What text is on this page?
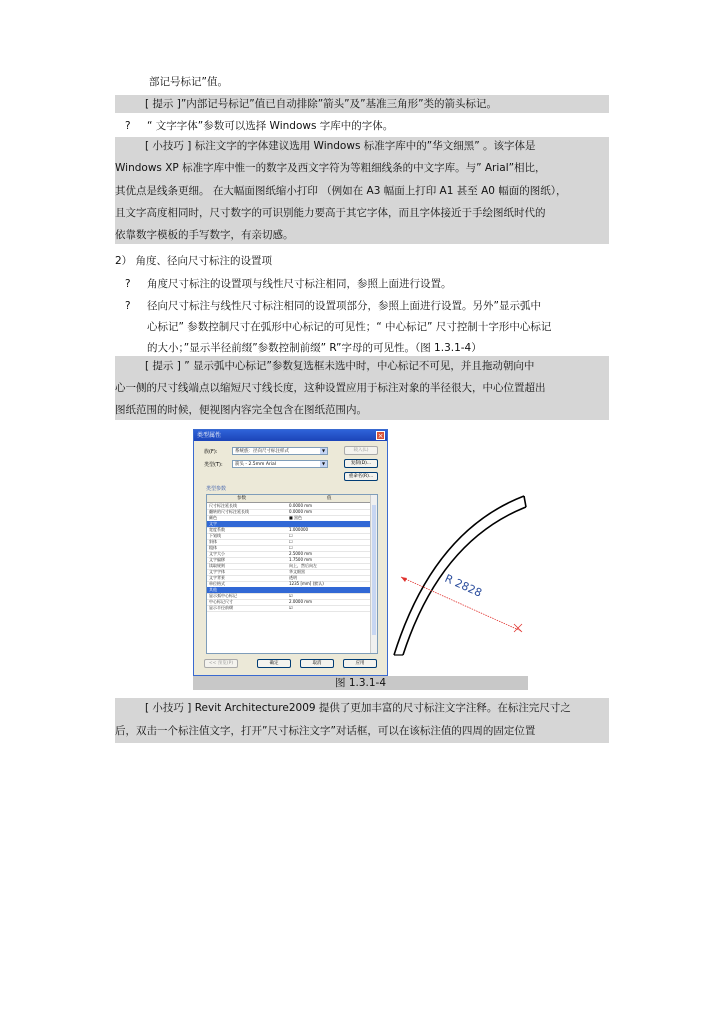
部记号标记”值。
[ 提示 ]”内部记号标记”值已自动排除”箭头”及”基准三角形”类的箭头标记。
? “ 文字字体”参数可以选择 Windows 字库中的字体。
[ 小技巧 ] 标注文字的字体建议选用 Windows 标准字库中的”华文细黑” 。该字体是
Windows XP 标准字库中惟一的数字及西文字符为等粗细线条的中文字库。与” Arial”相比，
其优点是线条更细。 在大幅面图纸缩小打印 （例如在 A3 幅面上打印 A1 甚至 A0 幅面的图纸），
且文字高度相同时，尺寸数字的可识别能力要高于其它字体，而且字体接近于手绘图纸时代的
依靠数字模板的手写数字，有亲切感。
2） 角度、径向尺寸标注的设置项
? 角度尺寸标注的设置项与线性尺寸标注相同，参照上面进行设置。
? 径向尺寸标注与线性尺寸标注相同的设置项部分，参照上面进行设置。另外”显示弧中
心标记” 参数控制尺寸在弧形中心标记的可见性；“ 中心标记” 尺寸控制十字形中心标记
的大小；”显示半径前缀”参数控制前缀” R”字母的可见性。（图 1.3.1-4）
[ 提示 ] ” 显示弧中心标记”参数复选框未选中时，中心标记不可见，并且拖动朝向中
心一侧的尺寸线端点以缩短尺寸线长度，这种设置应用于标注对象的半径很大，中心位置超出
图纸范围的时候，便视图内容完全包含在图纸范围内。
类型属性	×
族(F):	系统族：径向尺寸标注样式	▼	载入(L)
类型(T):	箭头 - 2.5mm Arial	▼	复制(D)...
重命名(R)...
类型参数
参数	值
尺寸标注延长线	0.0000 mm
翻转的尺寸标注延长线	0.0000 mm
颜色	■ 黑色
文字
宽度系数	1.000000
下划线	☐
斜体	☐
粗体	☐
文字大小	2.5000 mm
文字偏移	1.7500 mm
读取规则	向上，然后向左
文字字体	华文细黑
文字背景	透明
单位格式	1235 [mm] (默认)
其他
显示弧中心标记	☑
中心标记尺寸	2.0000 mm
显示半径前缀	☑
<< 预览(P)	确定	取消	应用
R 2828
图 1.3.1-4
[ 小技巧 ] Revit Architecture2009 提供了更加丰富的尺寸标注文字注释。在标注完尺寸之
后，双击一个标注值文字，打开”尺寸标注文字”对话框，可以在该标注值的四周的固定位置
